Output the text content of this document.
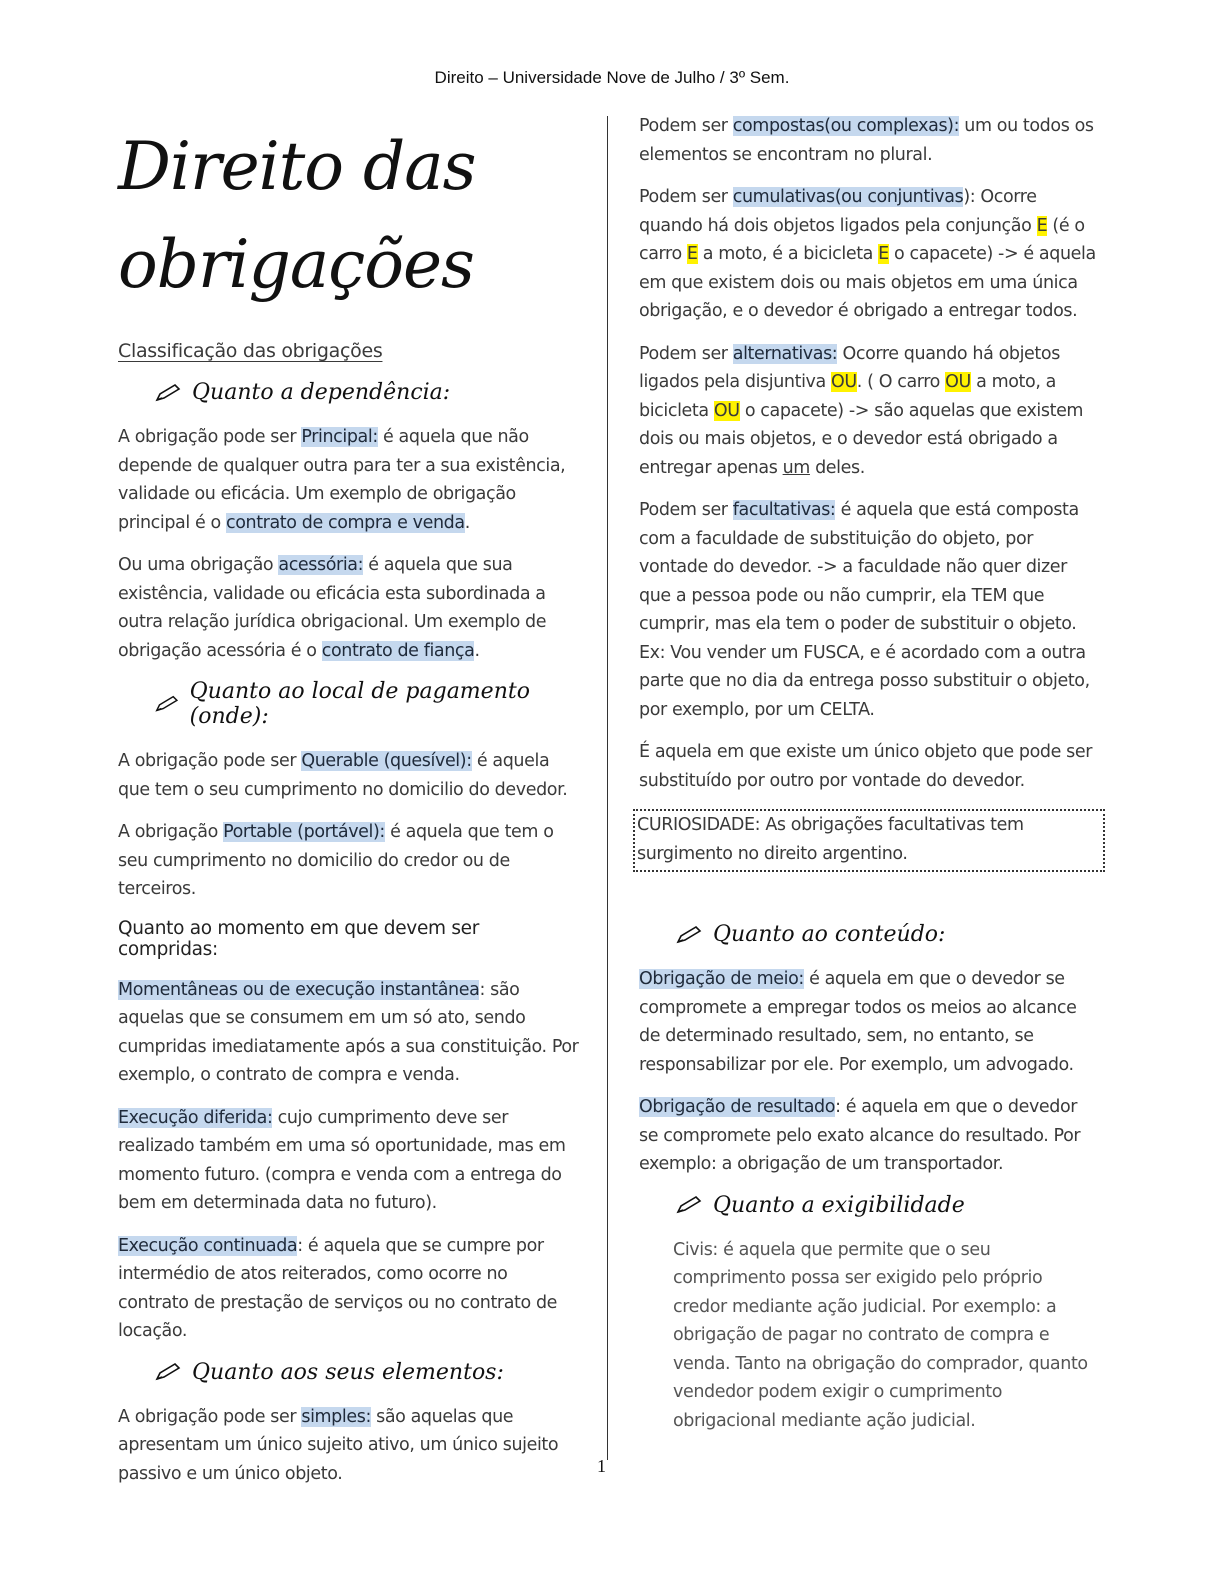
Direito – Universidade Nove de Julho / 3º Sem.
Direito das
obrigações
Classificação das obrigações
Quanto a dependência:

A obrigação pode ser Principal: é aquela que não depende de qualquer outra para ter a sua existência, validade ou eficácia. Um exemplo de obrigação principal é o contrato de compra e venda.

Ou uma obrigação acessória: é aquela que sua existência, validade ou eficácia esta subordinada a outra relação jurídica obrigacional. Um exemplo de obrigação acessória é o contrato de fiança.

Quanto ao local de pagamento (onde):

A obrigação pode ser Querable (quesível): é aquela que tem o seu cumprimento no domicilio do devedor.

A obrigação Portable (portável): é aquela que tem o seu cumprimento no domicilio do credor ou de terceiros.

Quanto ao momento em que devem ser compridas:

Momentâneas ou de execução instantânea: são aquelas que se consumem em um só ato, sendo cumpridas imediatamente após a sua constituição. Por exemplo, o contrato de compra e venda.

Execução diferida: cujo cumprimento deve ser realizado também em uma só oportunidade, mas em momento futuro. (compra e venda com a entrega do bem em determinada data no futuro).

Execução continuada: é aquela que se cumpre por intermédio de atos reiterados, como ocorre no contrato de prestação de serviços ou no contrato de locação.

Quanto aos seus elementos:

A obrigação pode ser simples: são aquelas que apresentam um único sujeito ativo, um único sujeito passivo e um único objeto.

Podem ser compostas(ou complexas): um ou todos os elementos se encontram no plural.

Podem ser cumulativas(ou conjuntivas): Ocorre quando há dois objetos ligados pela conjunção E (é o carro E a moto, é a bicicleta E o capacete) -> é aquela em que existem dois ou mais objetos em uma única obrigação, e o devedor é obrigado a entregar todos.

Podem ser alternativas: Ocorre quando há objetos ligados pela disjuntiva OU. ( O carro OU a moto, a bicicleta OU o capacete) -> são aquelas que existem dois ou mais objetos, e o devedor está obrigado a entregar apenas um deles.

Podem ser facultativas: é aquela que está composta com a faculdade de substituição do objeto, por vontade do devedor. -> a faculdade não quer dizer que a pessoa pode ou não cumprir, ela TEM que cumprir, mas ela tem o poder de substituir o objeto. Ex: Vou vender um FUSCA, e é acordado com a outra parte que no dia da entrega posso substituir o objeto, por exemplo, por um CELTA.

É aquela em que existe um único objeto que pode ser substituído por outro por vontade do devedor.

CURIOSIDADE: As obrigações facultativas tem surgimento no direito argentino.

Quanto ao conteúdo:

Obrigação de meio: é aquela em que o devedor se compromete a empregar todos os meios ao alcance de determinado resultado, sem, no entanto, se responsabilizar por ele. Por exemplo, um advogado.

Obrigação de resultado: é aquela em que o devedor se compromete pelo exato alcance do resultado. Por exemplo: a obrigação de um transportador.

Quanto a exigibilidade

Civis: é aquela que permite que o seu comprimento possa ser exigido pelo próprio credor mediante ação judicial. Por exemplo: a obrigação de pagar no contrato de compra e venda. Tanto na obrigação do comprador, quanto vendedor podem exigir o cumprimento obrigacional mediante ação judicial.

1
